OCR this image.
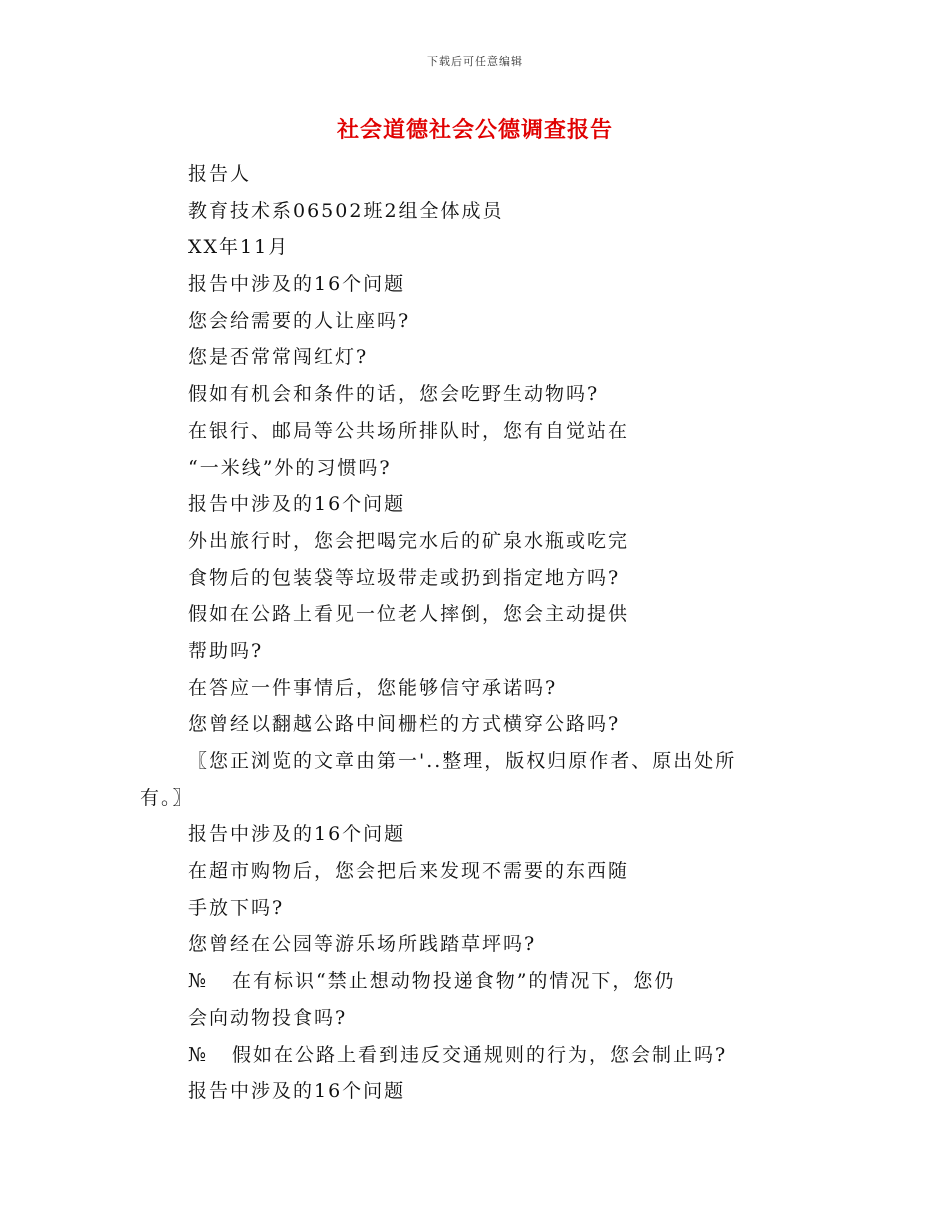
下载后可任意编辑
社会道德社会公德调查报告
报告人
教育技术系06502班2组全体成员
XX年11月
报告中涉及的16个问题
您会给需要的人让座吗?
您是否常常闯红灯?
假如有机会和条件的话，您会吃野生动物吗?
在银行、邮局等公共场所排队时，您有自觉站在
“一米线”外的习惯吗?
报告中涉及的16个问题
外出旅行时，您会把喝完水后的矿泉水瓶或吃完
食物后的包装袋等垃圾带走或扔到指定地方吗?
假如在公路上看见一位老人摔倒，您会主动提供
帮助吗?
在答应一件事情后，您能够信守承诺吗?
您曾经以翻越公路中间栅栏的方式横穿公路吗?
〖您正浏览的文章由第一'..整理，版权归原作者、原出处所
有。〗
报告中涉及的16个问题
在超市购物后，您会把后来发现不需要的东西随
手放下吗?
您曾经在公园等游乐场所践踏草坪吗?
№ 在有标识“禁止想动物投递食物”的情况下，您仍
会向动物投食吗?
№ 假如在公路上看到违反交通规则的行为，您会制止吗?
报告中涉及的16个问题
